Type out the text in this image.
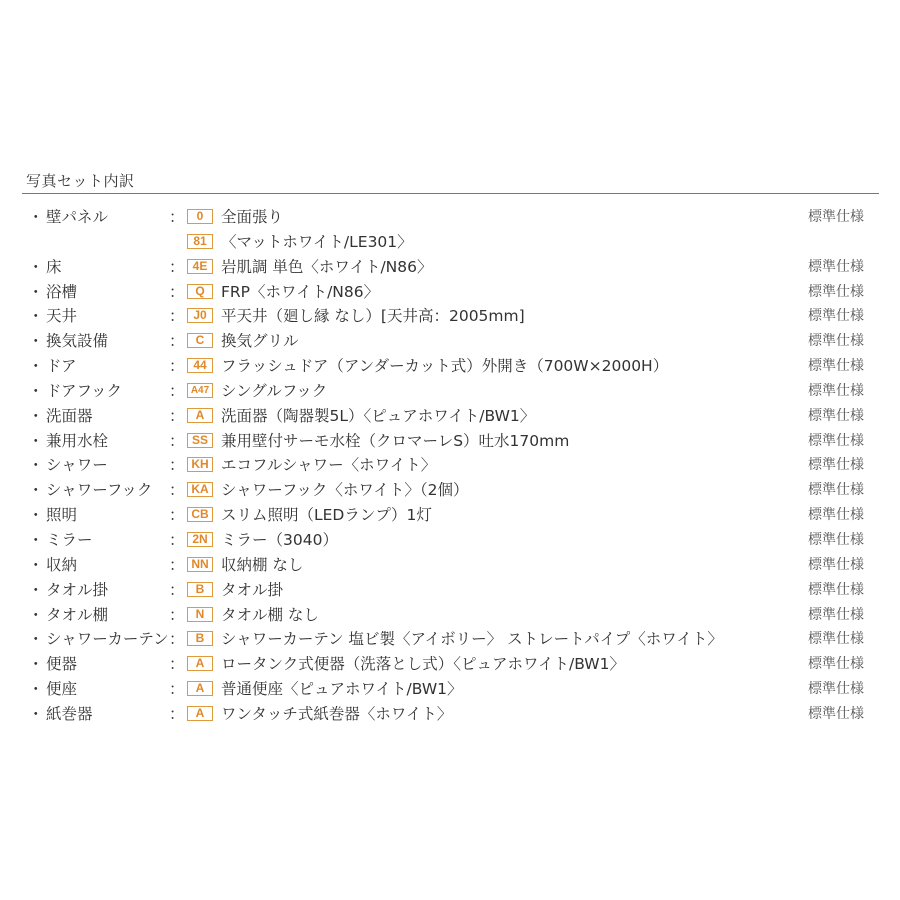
写真セット内訳
・ 壁パネル	：	0	全面張り	標準仕様
81 〈マットホワイト/LE301〉
・ 床	： 4E 岩肌調 単色〈ホワイト/N86〉	標準仕様
・ 浴槽	： Q	FRP〈ホワイト/N86〉	標準仕様
・ 天井	： J0 平天井（廻し縁 なし）[天井高：2005mm]	標準仕様
・ 換気設備	： C	換気グリル	標準仕様
・ ドア	： 44 フラッシュドア（アンダーカット式）外開き（700W×2000H）	標準仕様
・ ドアフック	： A47 シングルフック	標準仕様
・ 洗面器	： A	洗面器（陶器製5L）〈ピュアホワイト/BW1〉	標準仕様
・ 兼用水栓	： SS 兼用壁付サーモ水栓（クロマーレS）吐水170mm	標準仕様
・ シャワー	： KH エコフルシャワー〈ホワイト〉	標準仕様
・ シャワーフック ： KA シャワーフック〈ホワイト〉（2個）	標準仕様
・ 照明	： CB スリム照明（LEDランプ）1灯	標準仕様
・ ミラー	： 2N ミラー（3040）	標準仕様
・ 収納	： NN 収納棚 なし	標準仕様
・ タオル掛	： B	タオル掛	標準仕様
・ タオル棚	： N	タオル棚 なし	標準仕様
・ シャワーカーテン ： B	シャワーカーテン 塩ビ製〈アイボリー〉 ストレートパイプ〈ホワイト〉	標準仕様
・ 便器	： A	ロータンク式便器（洗落とし式）〈ピュアホワイト/BW1〉	標準仕様
・ 便座	： A	普通便座〈ピュアホワイト/BW1〉	標準仕様
・ 紙巻器	： A	ワンタッチ式紙巻器〈ホワイト〉	標準仕様
